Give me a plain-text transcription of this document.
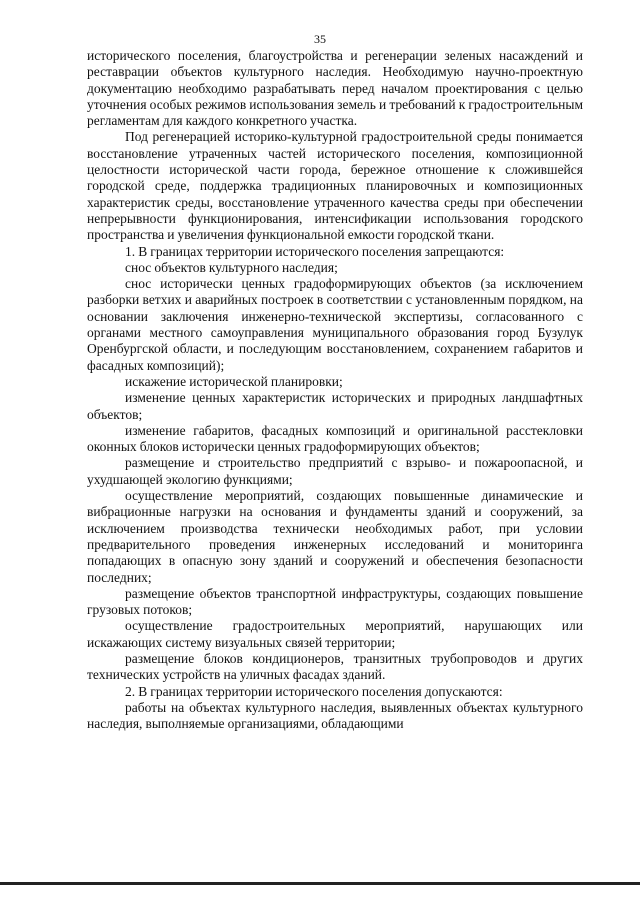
35

исторического поселения, благоустройства и регенерации зеленых насаждений и реставрации объектов культурного наследия. Необходимую научно-проектную документацию необходимо разрабатывать перед началом проектирования с целью уточнения особых режимов использования земель и требований к градостроительным регламентам для каждого конкретного участка.

Под регенерацией историко-культурной градостроительной среды понимается восстановление утраченных частей исторического поселения, композиционной целостности исторической части города, бережное отношение к сложившейся городской среде, поддержка традиционных планировочных и композиционных характеристик среды, восстановление утраченного качества среды при обеспечении непрерывности функционирования, интенсификации использования городского пространства и увеличения функциональной емкости городской ткани.

1. В границах территории исторического поселения запрещаются:

снос объектов культурного наследия;

снос исторически ценных градоформирующих объектов (за исключением разборки ветхих и аварийных построек в соответствии с установленным порядком, на основании заключения инженерно-технической экспертизы, согласованного с органами местного самоуправления муниципального образования город Бузулук Оренбургской области, и последующим восстановлением, сохранением габаритов и фасадных композиций);

искажение исторической планировки;

изменение ценных характеристик исторических и природных ландшафтных объектов;

изменение габаритов, фасадных композиций и оригинальной расстекловки оконных блоков исторически ценных градоформирующих объектов;

размещение и строительство предприятий с взрыво- и пожароопасной, и ухудшающей экологию функциями;

осуществление мероприятий, создающих повышенные динамические и вибрационные нагрузки на основания и фундаменты зданий и сооружений, за исключением производства технически необходимых работ, при условии предварительного проведения инженерных исследований и мониторинга попадающих в опасную зону зданий и сооружений и обеспечения безопасности последних;

размещение объектов транспортной инфраструктуры, создающих повышение грузовых потоков;

осуществление градостроительных мероприятий, нарушающих или искажающих систему визуальных связей территории;

размещение блоков кондиционеров, транзитных трубопроводов и других технических устройств на уличных фасадах зданий.

2. В границах территории исторического поселения допускаются:

работы на объектах культурного наследия, выявленных объектах культурного наследия, выполняемые организациями, обладающими
